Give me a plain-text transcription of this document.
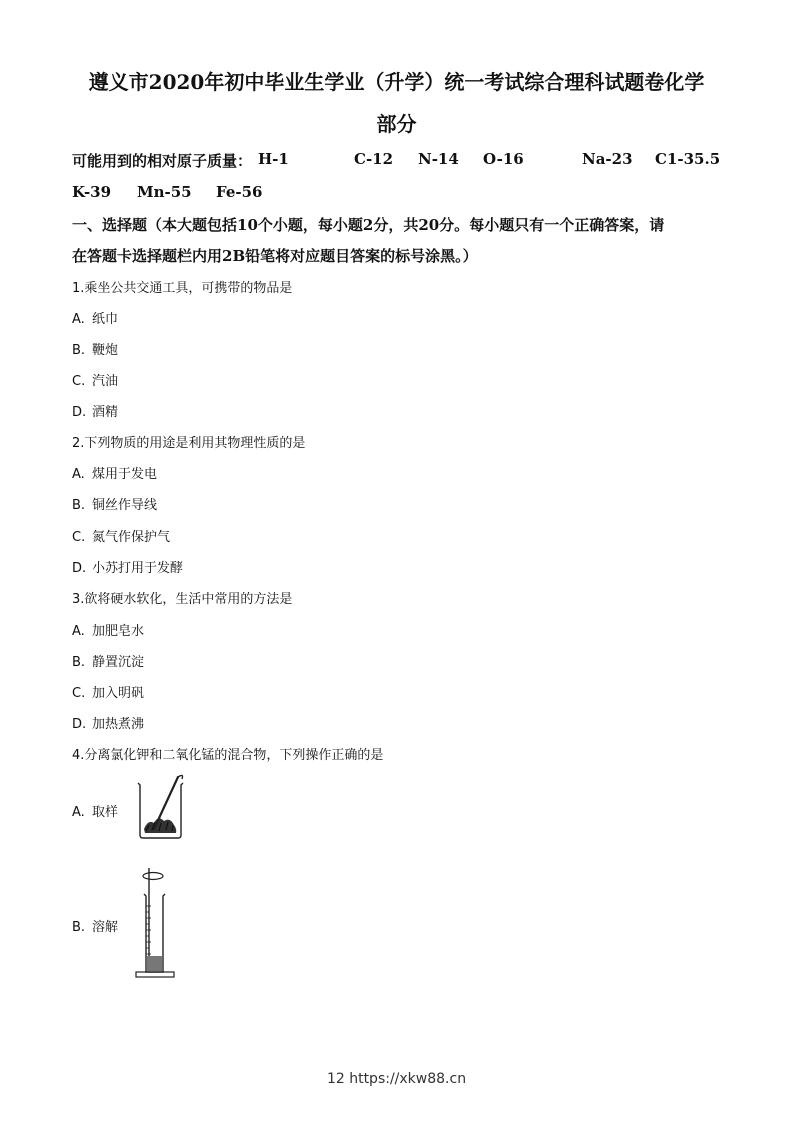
遵义市2020年初中毕业生学业（升学）统一考试综合理科试题卷化学
部分
可能用到的相对原子质量： H-1	C-12 N-14 O-16	Na-23 C1-35.5
K-39 Mn-55 Fe-56
一、选择题（本大题包括10个小题，每小题2分，共20分。每小题只有一个正确答案，请
在答题卡选择题栏内用2B铅笔将对应题目答案的标号涂黑。）
1.乘坐公共交通工具，可携带的物品是
A. 纸巾
B. 鞭炮
C. 汽油
D. 酒精
2.下列物质的用途是利用其物理性质的是
A. 煤用于发电
B. 铜丝作导线
C. 氮气作保护气
D. 小苏打用于发酵
3.欲将硬水软化，生活中常用的方法是
A. 加肥皂水
B. 静置沉淀
C. 加入明矾
D. 加热煮沸
4.分离氯化钾和二氧化锰的混合物，下列操作正确的是
A. 取样
B. 溶解
12 https://xkw88.cn
